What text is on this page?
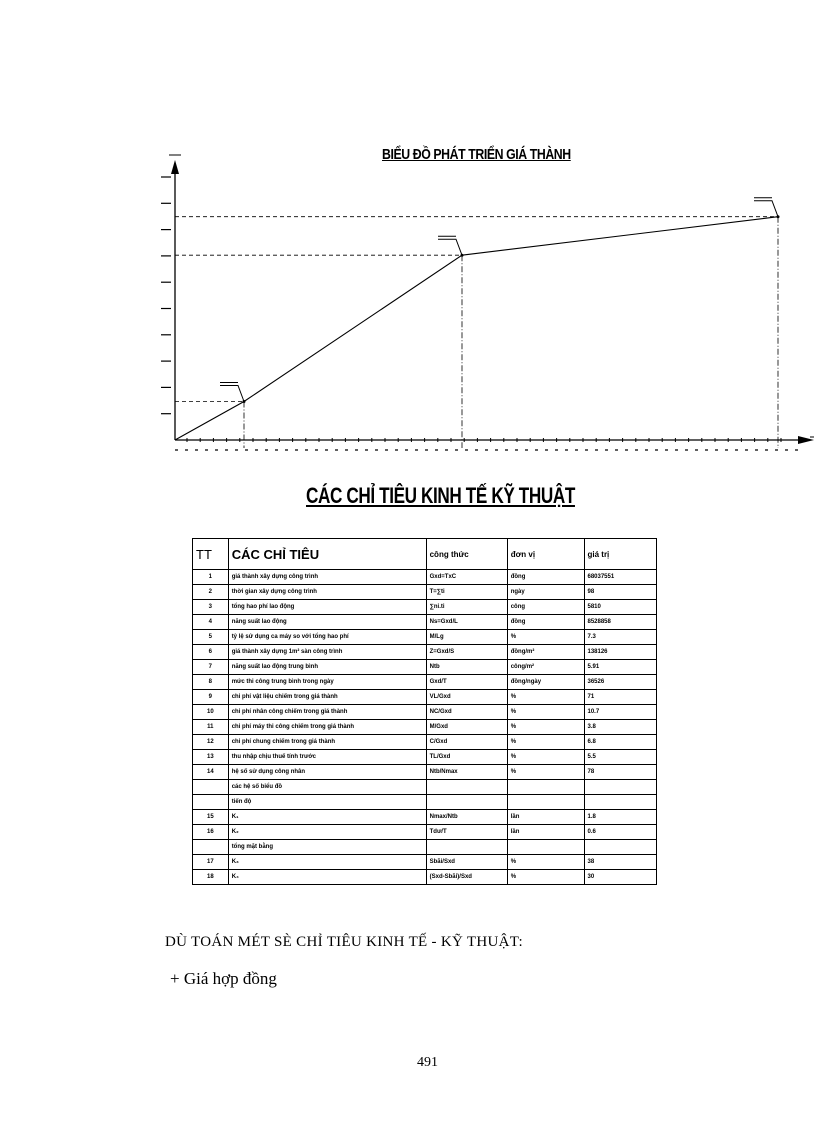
BIỂU ĐỒ PHÁT TRIỂN GIÁ THÀNH
CÁC CHỈ TIÊU KINH TẾ KỸ THUẬT
TT	CÁC CHỈ TIÊU	công thức	đơn vị	giá trị
1	giá thành xây dựng công trình	Gxd=TxC	đồng	68037551
2	thời gian xây dựng công trình	T=∑ti	ngày	98
3	tổng hao phí lao động	∑ni.ti	công	5810
4	năng suất lao động	Ns=Gxd/L	đồng	8528858
5	tỷ lệ sử dụng ca máy so với tổng hao phí	M/Lg	%	7.3
6	giá thành xây dựng 1m² sàn công trình	Z=Gxd/S	đồng/m²	138126
7	năng suất lao động trung bình	Ntb	công/m²	5.91
8	mức thi công trung bình trong ngày	Gxd/T	đồng/ngày	36526
9	chi phí vật liệu chiếm trong giá thành	VL/Gxd	%	71
10	chi phí nhân công chiếm trong giá thành	NC/Gxd	%	10.7
11	chi phí máy thi công chiếm trong giá thành	M/Gxd	%	3.8
12	chi phí chung chiếm trong giá thành	C/Gxd	%	6.8
13	thu nhập chịu thuế tính trước	TL/Gxd	%	5.5
14	hệ số sử dụng công nhân	Ntb/Nmax	%	78
	các hệ số biểu đồ			
	tiến độ			
15	K₁	Nmax/Ntb	lần	1.8
16	K₂	Tdư/T	lần	0.6
	tổng mặt bằng			
17	K₃	Sbãi/Sxd	%	38
18	K₄	(Sxd-Sbãi)/Sxd	%	30
DÙ TOÁN MÉT SÈ CHỈ TIÊU KINH TẾ - KỸ THUẬT:
+ Giá hợp đồng
491
